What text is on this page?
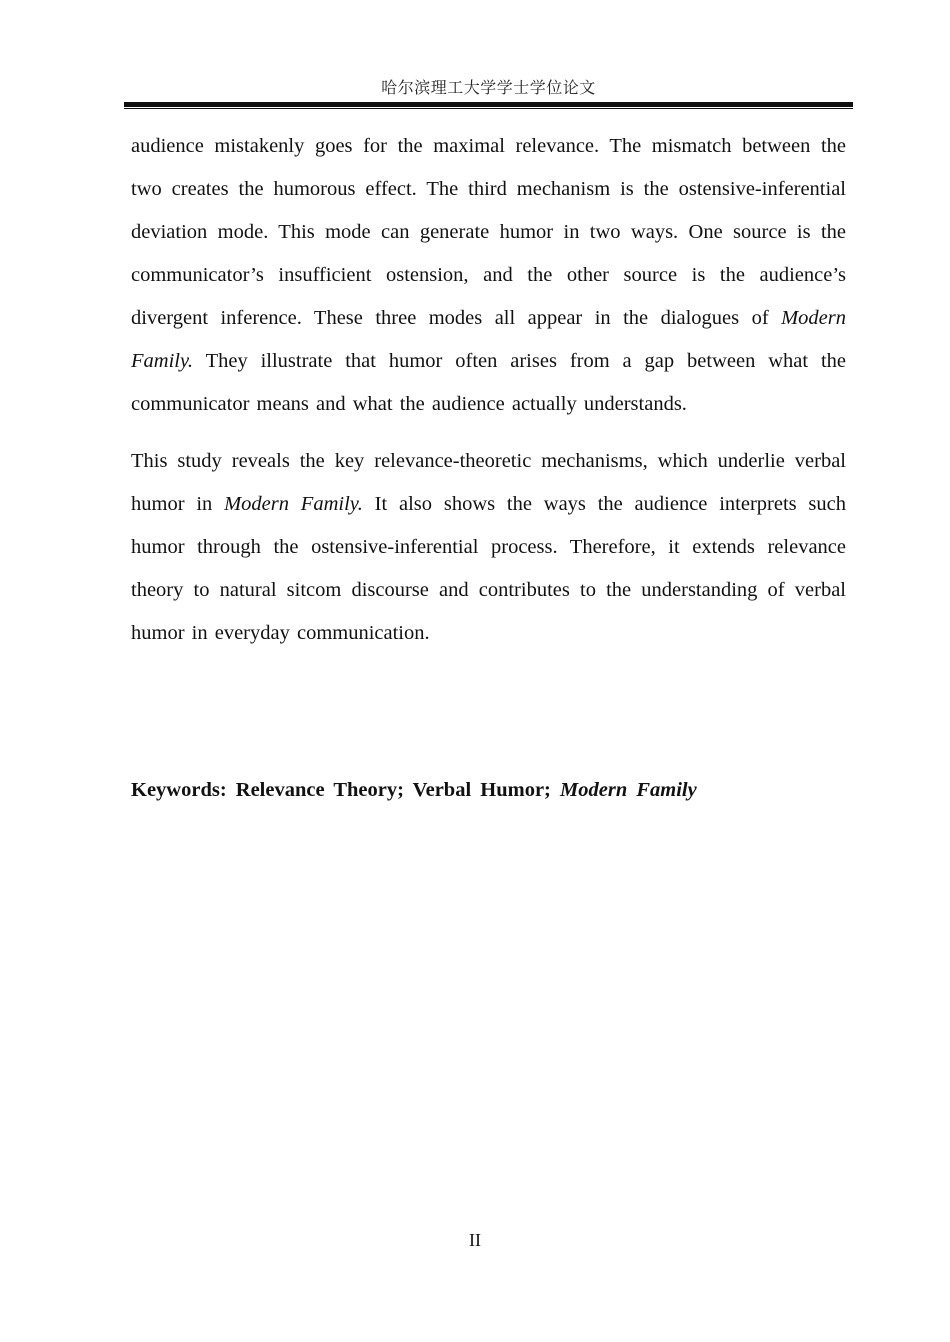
哈尔滨理工大学学士学位论文

audience mistakenly goes for the maximal relevance. The mismatch between the two creates the humorous effect. The third mechanism is the ostensive-inferential deviation mode. This mode can generate humor in two ways. One source is the communicator’s insufficient ostension, and the other source is the audience’s divergent inference. These three modes all appear in the dialogues of Modern Family. They illustrate that humor often arises from a gap between what the communicator means and what the audience actually understands.

This study reveals the key relevance-theoretic mechanisms, which underlie verbal humor in Modern Family. It also shows the ways the audience interprets such humor through the ostensive-inferential process. Therefore, it extends relevance theory to natural sitcom discourse and contributes to the understanding of verbal humor in everyday communication.

Keywords: Relevance Theory; Verbal Humor; Modern Family
II
